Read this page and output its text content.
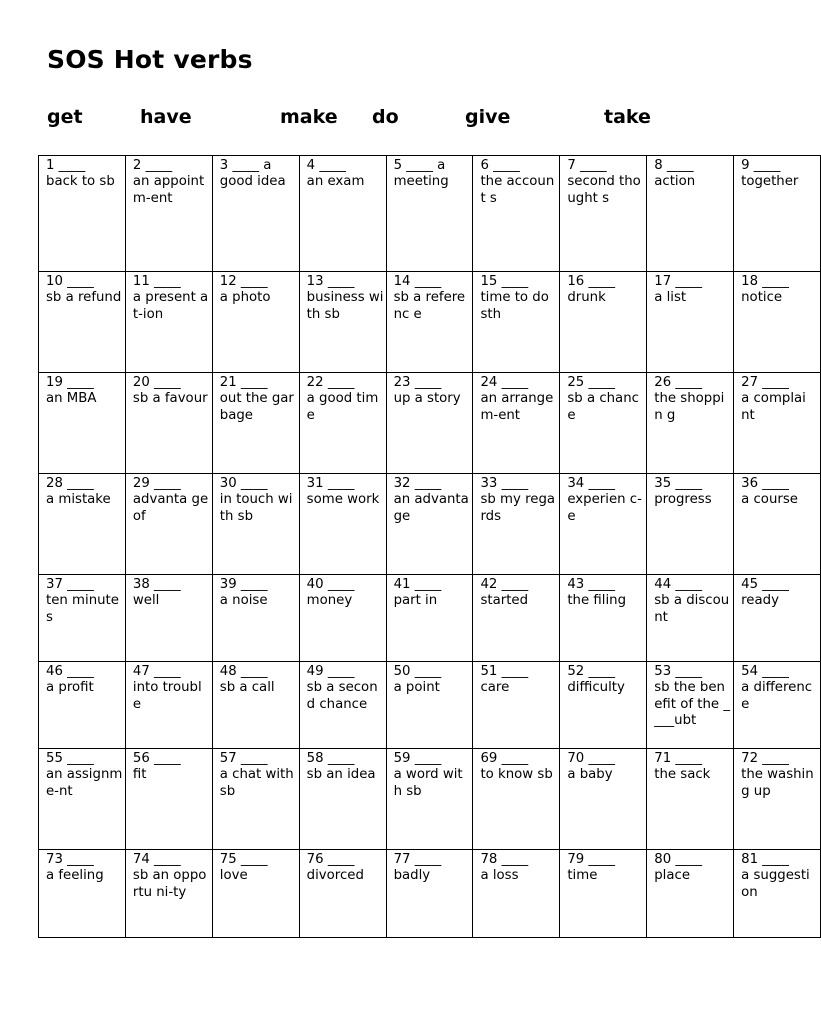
SOS Hot verbs
get	have	make do	give	take
1 ____
back to sb	2 ____
an appoint m-ent	3 ____ a
good idea	4 ____
an exam	5 ____ a
meeting	6 ____
the account s	7 ____
second thought s	8 ____
action	9 ____
together

10 ____
sb a refund	11 ____
a present at-ion	12 ____
a photo	13 ____
business with sb	14 ____
sb a referenc e	15 ____
time to do sth	16 ____
drunk	17 ____
a list	18 ____
notice

19 ____
an MBA	20 ____
sb a favour	21 ____
out the garbage	22 ____
a good time	23 ____
up a story	24 ____
an arrange m-ent	25 ____
sb a chance	26 ____
the shoppin g	27 ____
a complai nt

28 ____
a mistake	29 ____
advanta ge of	30 ____
in touch with sb	31 ____
some work	32 ____
an advanta ge	33 ____
sb my regards	34 ____
experien c-e	35 ____
progress	36 ____
a course

37 ____
ten minutes	38 ____
well	39 ____
a noise	40 ____
money	41 ____
part in	42 ____
started	43 ____
the filing	44 ____
sb a discount	45 ____
ready

46 ____
a profit	47 ____
into trouble	48 ____
sb a call	49 ____
sb a second chance	50 ____
a point	51 ____
care	52 ____
difficulty	53 ____
sb the benefit of the ____ubt	54 ____
a differenc e

55 ____
an assignme-nt	56 ____
fit	57 ____
a chat with sb	58 ____
sb an idea	59 ____
a word with sb	69 ____
to know sb	70 ____
a baby	71 ____
the sack	72 ____
the washing up

73 ____
a feeling	74 ____
sb an opportu ni-ty	75 ____
love	76 ____
divorced	77 ____
badly	78 ____
a loss	79 ____
time	80 ____
place	81 ____
a suggesti on
